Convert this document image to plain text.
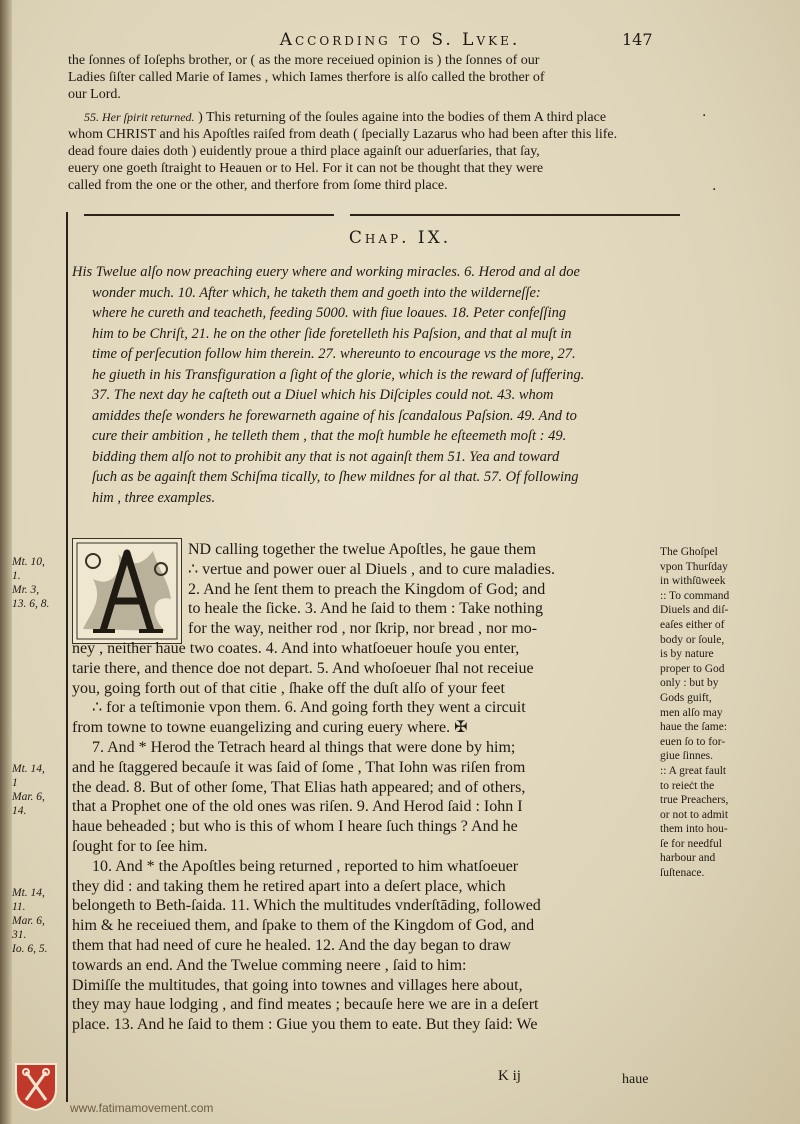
According to S. Lvke.	147

the ſonnes of Ioſephs brother, or ( as the more receiued opinion is ) the ſonnes of our

Ladies ſiſter called Marie of Iames , which Iames therfore is alſo called the brother of

our Lord.

55. Her ſpirit returned. ) This returning of the ſoules againe into the bodies of them A third place

whom CHRIST and his Apoſtles raiſed from death ( ſpecially Lazarus who had been after this life.

dead foure daies doth ) euidently proue a third place againſt our aduerſaries, that ſay,

euery one goeth ſtraight to Heauen or to Hel. For it can not be thought that they were

called from the one or the other, and therfore from ſome third place.

·
·
Chap. IX.

His Twelue alſo now preaching euery where and working miracles. 6. Herod and al doe

wonder much. 10. After which, he taketh them and goeth into the wilderneſſe:

where he cureth and teacheth, feeding 5000. with fiue loaues. 18. Peter confeſſing

him to be Chriſt, 21. he on the other ſide foretelleth his Paſsion, and that al muſt in

time of perſecution follow him therein. 27. whereunto to encourage vs the more, 27.

he giueth in his Transfiguration a ſight of the glorie, which is the reward of ſuffering.

37. The next day he caſteth out a Diuel which his Diſciples could not. 43. whom

amiddes theſe wonders he forewarneth againe of his ſcandalous Paſsion. 49. And to

cure their ambition , he telleth them , that the moſt humble he eſteemeth moſt : 49.

bidding them alſo not to prohibit any that is not againſt them 51. Yea and toward

ſuch as be againſt them Schiſma tically, to ſhew mildnes for al that. 57. Of following

him , three examples.

ND calling together the twelue Apoſtles, he gaue them

∴ vertue and power ouer al Diuels , and to cure maladies.

2. And he ſent them to preach the Kingdom of God; and

to heale the ſicke. 3. And he ſaid to them : Take nothing

for the way, neither rod , nor ſkrip, nor bread , nor mo-

ney , neither haue two coates. 4. And into whatſoeuer houſe you enter,

tarie there, and thence doe not depart. 5. And whoſoeuer ſhal not receiue

you, going forth out of that citie , ſhake off the duſt alſo of your feet

∴ for a teſtimonie vpon them. 6. And going forth they went a circuit

from towne to towne euangelizing and curing euery where. ✠

7. And * Herod the Tetrach heard al things that were done by him;

and he ſtaggered becauſe it was ſaid of ſome , That Iohn was riſen from

the dead. 8. But of other ſome, That Elias hath appeared; and of others,

that a Prophet one of the old ones was riſen. 9. And Herod ſaid : Iohn I

haue beheaded ; but who is this of whom I heare ſuch things ? And he

ſought for to ſee him.

10. And * the Apoſtles being returned , reported to him whatſoeuer

they did : and taking them he retired apart into a deſert place, which

belongeth to Beth-ſaida. 11. Which the multitudes vnderſtāding, followed

him & he receiued them, and ſpake to them of the Kingdom of God, and

them that had need of cure he healed. 12. And the day began to draw

towards an end. And the Twelue comming neere , ſaid to him:

Dimiſſe the multitudes, that going into townes and villages here about,

they may haue lodging , and find meates ; becauſe here we are in a deſert

place. 13. And he ſaid to them : Giue you them to eate. But they ſaid: We

Mt. 10,
1.
Mr. 3,
13. 6, 8.
Mt. 14,
1
Mar. 6,
14.
Mt. 14,
11.
Mar. 6,
31.
Io. 6, 5.
The Ghoſpel
vpon Thurſday
in withſūweek
:: To command
Diuels and diſ-
eaſes either of
body or ſoule,
is by nature
proper to God
only : but by
Gods guift,
men alſo may
haue the ſame:
euen ſo to for-
giue ſinnes.
:: A great fault
to reieċt the
true Preachers,
or not to admit
them into hou-
ſe for needful
harbour and
ſuſtenace.
K ij	haue
www.fatimamovement.com
